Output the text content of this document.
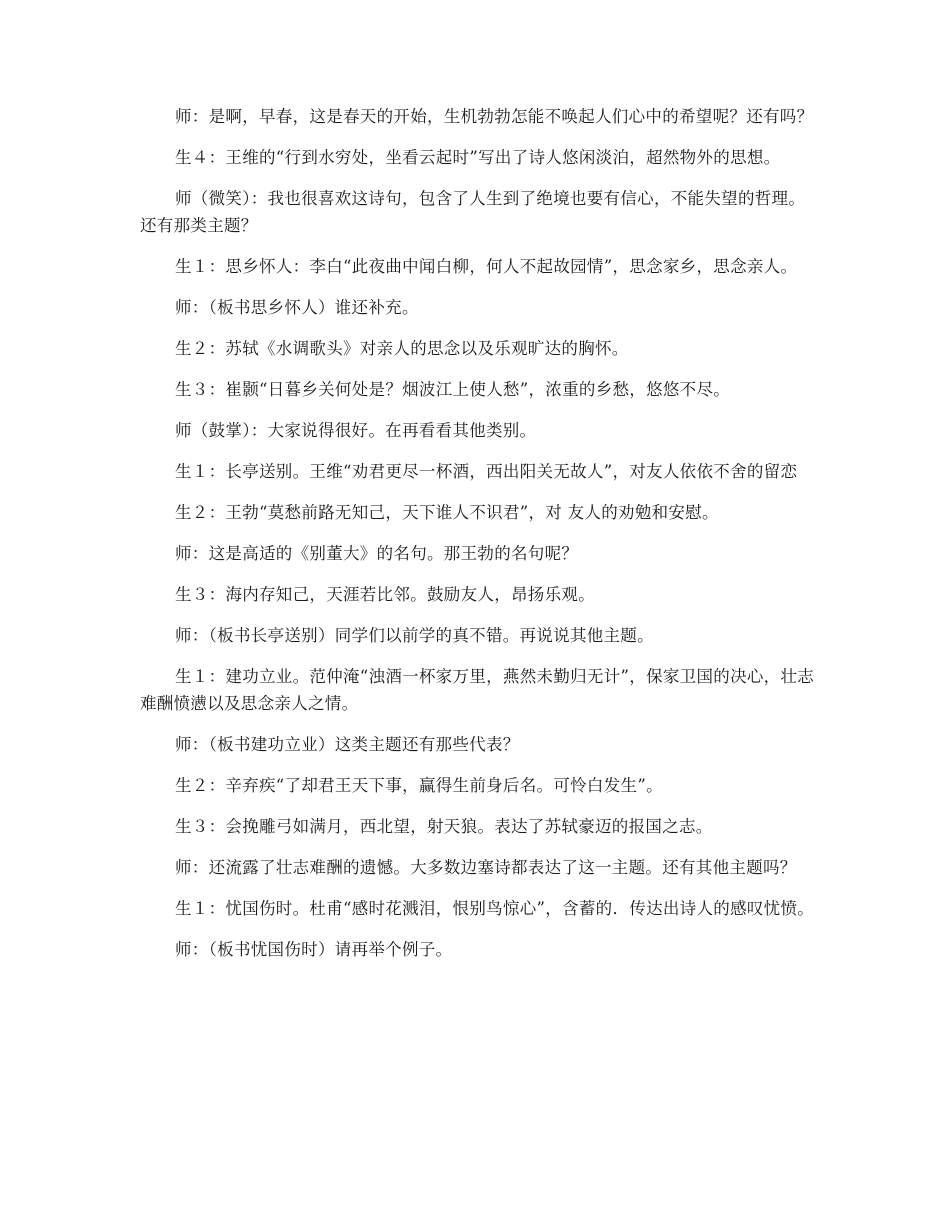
师：是啊，早春，这是春天的开始，生机勃勃怎能不唤起人们心中的希望呢？还有吗？

生４：王维的“行到水穷处，坐看云起时”写出了诗人悠闲淡泊，超然物外的思想。

师（微笑）：我也很喜欢这诗句，包含了人生到了绝境也要有信心，不能失望的哲理。还有那类主题？

生１：思乡怀人：李白“此夜曲中闻白柳，何人不起故园情”，思念家乡，思念亲人。

师：（板书思乡怀人）谁还补充。

生２：苏轼《水调歌头》对亲人的思念以及乐观旷达的胸怀。

生３：崔颢“日暮乡关何处是？烟波江上使人愁”，浓重的乡愁，悠悠不尽。

师（鼓掌）：大家说得很好。在再看看其他类别。

生１：长亭送别。王维“劝君更尽一杯酒，西出阳关无故人”，对友人依依不舍的留恋

生２：王勃“莫愁前路无知己，天下谁人不识君”，对 友人的劝勉和安慰。

师：这是高适的《别董大》的名句。那王勃的名句呢？

生３：海内存知己，天涯若比邻。鼓励友人，昂扬乐观。

师：（板书长亭送别）同学们以前学的真不错。再说说其他主题。

生１：建功立业。范仲淹“浊酒一杯家万里，燕然未勤归无计”，保家卫国的决心，壮志难酬愤懑以及思念亲人之情。

师：（板书建功立业）这类主题还有那些代表？

生２：辛弃疾“了却君王天下事，赢得生前身后名。可怜白发生”。

生３：会挽雕弓如满月，西北望，射天狼。表达了苏轼豪迈的报国之志。

师：还流露了壮志难酬的遗憾。大多数边塞诗都表达了这一主题。还有其他主题吗？

生１：忧国伤时。杜甫“感时花溅泪，恨别鸟惊心”，含蓄的．传达出诗人的感叹忧愤。

师：（板书忧国伤时）请再举个例子。
